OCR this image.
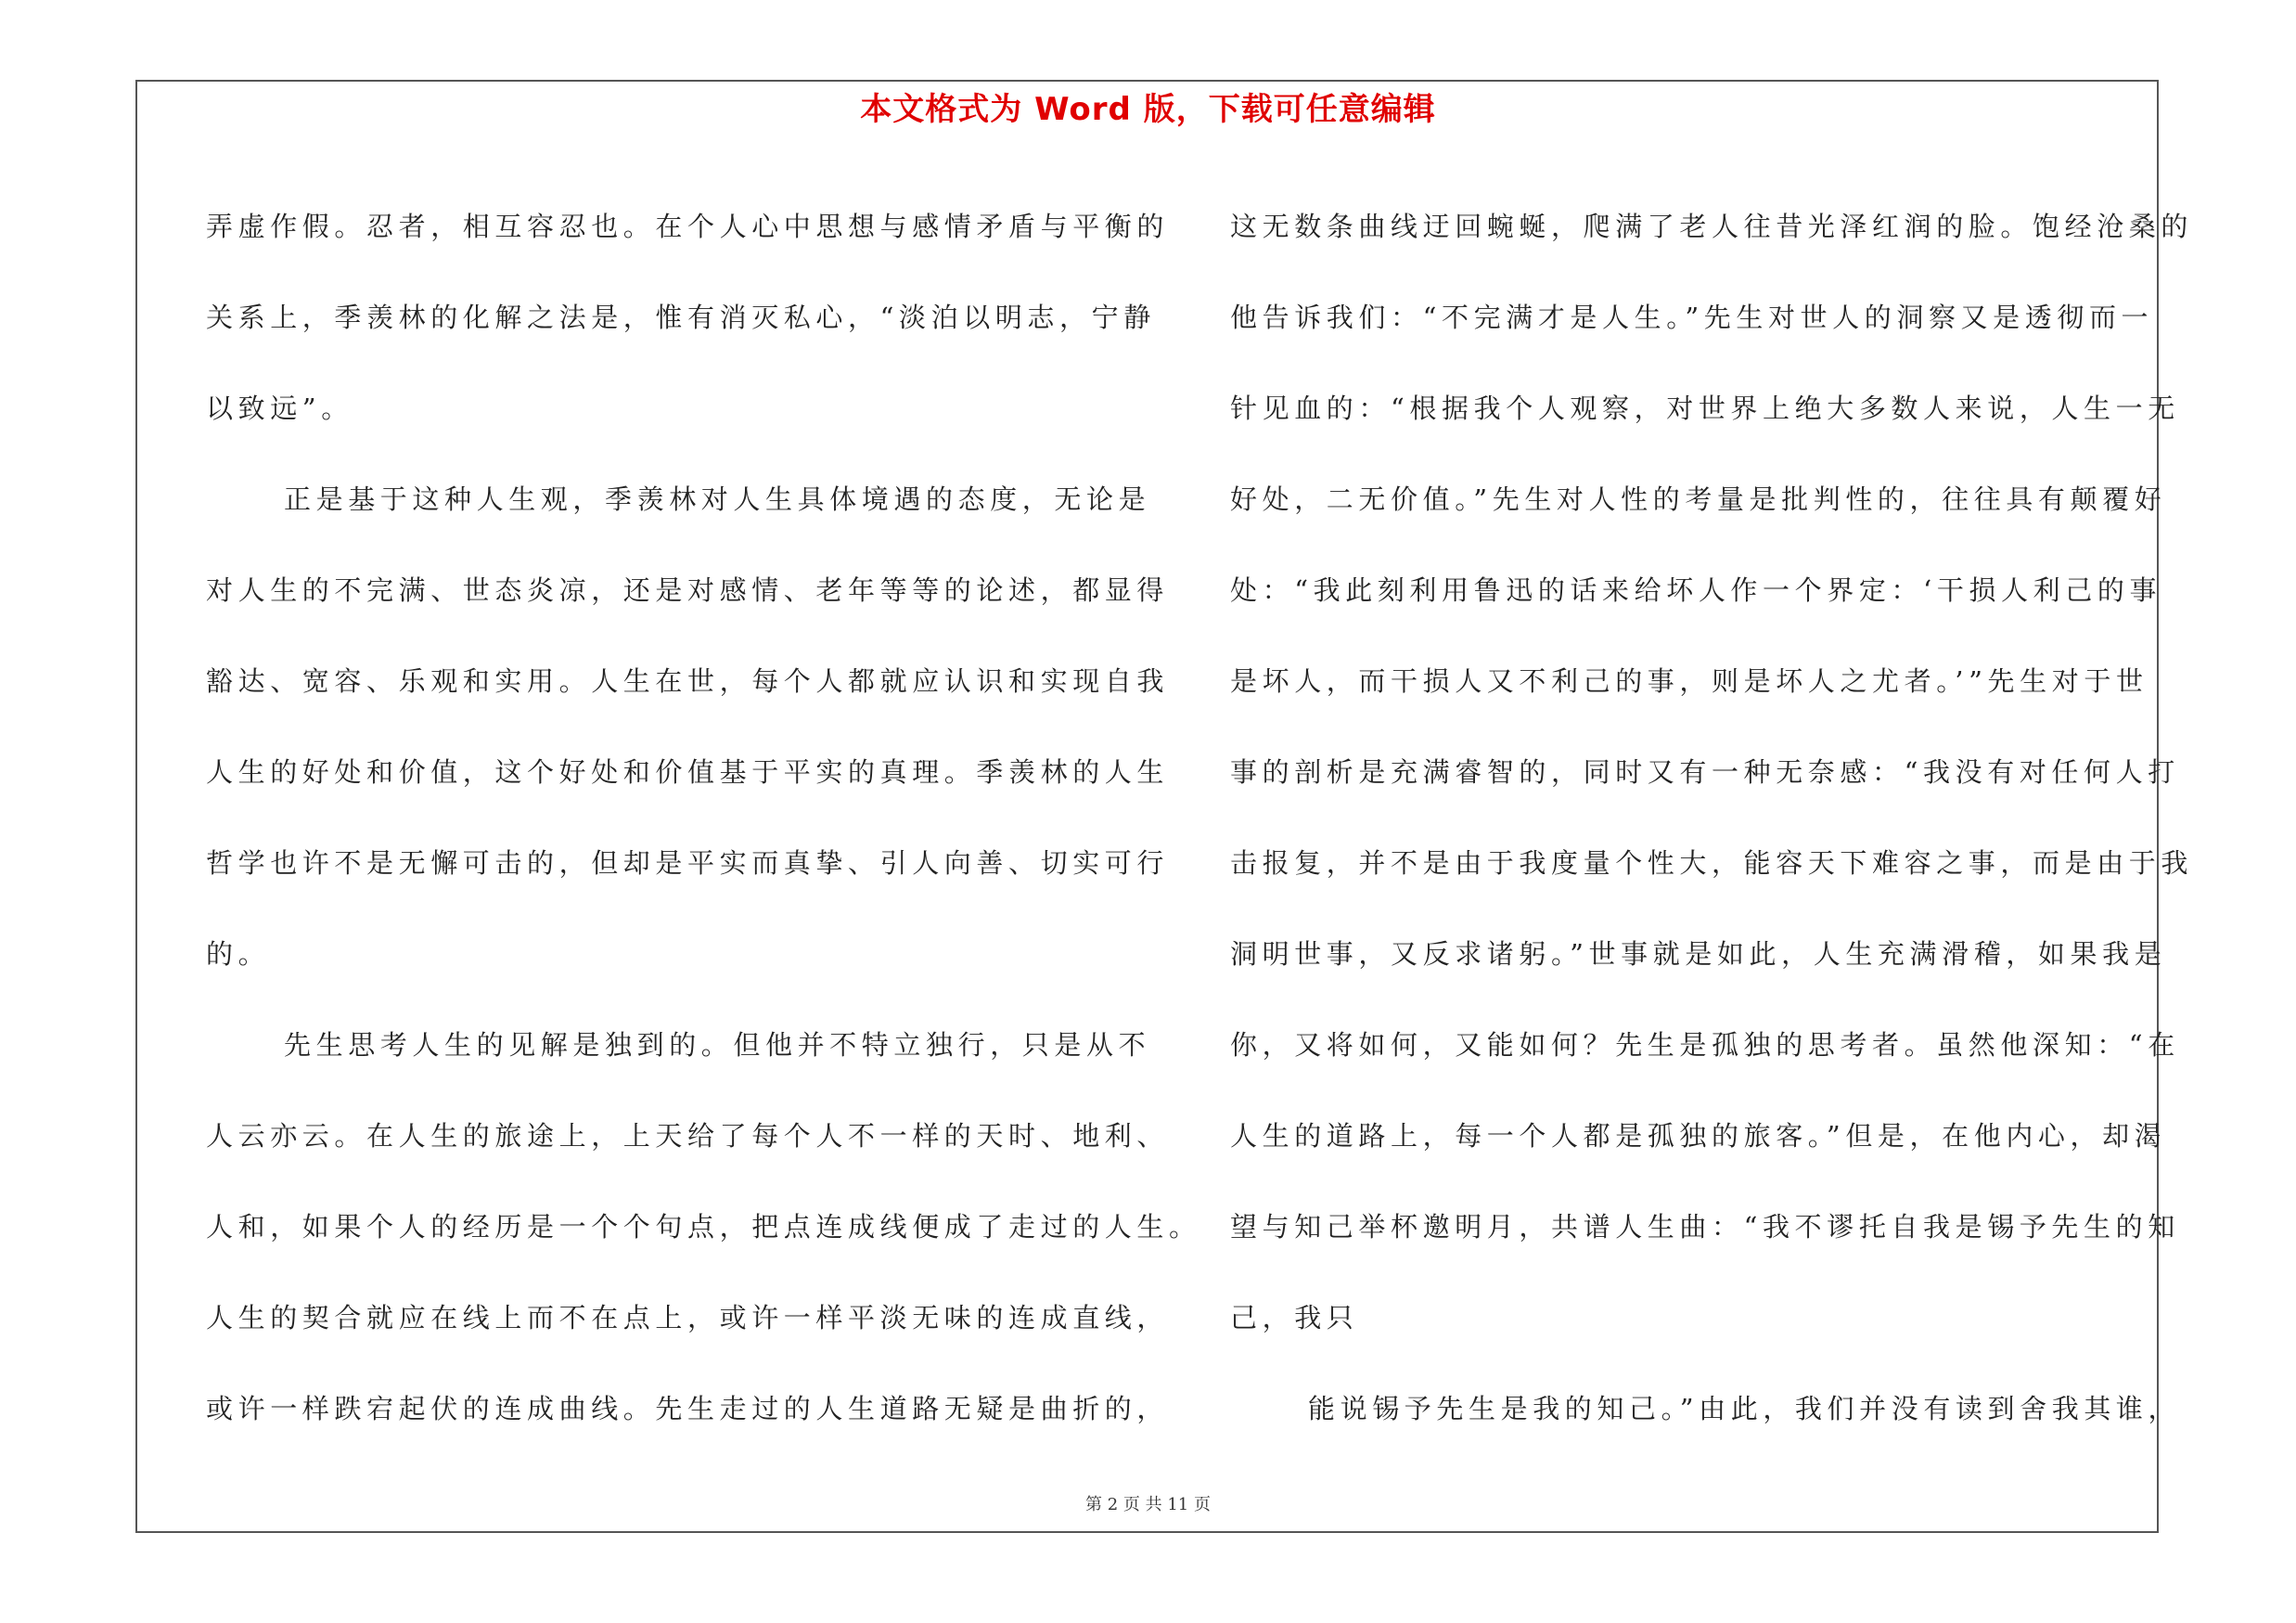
本文格式为 Word 版，下载可任意编辑
弄虚作假。忍者，相互容忍也。在个人心中思想与感情矛盾与平衡的
关系上，季羡林的化解之法是，惟有消灭私心，“淡泊以明志，宁静
以致远”。
正是基于这种人生观，季羡林对人生具体境遇的态度，无论是
对人生的不完满、世态炎凉，还是对感情、老年等等的论述，都显得
豁达、宽容、乐观和实用。人生在世，每个人都就应认识和实现自我
人生的好处和价值，这个好处和价值基于平实的真理。季羡林的人生
哲学也许不是无懈可击的，但却是平实而真挚、引人向善、切实可行
的。
先生思考人生的见解是独到的。但他并不特立独行，只是从不
人云亦云。在人生的旅途上，上天给了每个人不一样的天时、地利、
人和，如果个人的经历是一个个句点，把点连成线便成了走过的人生。
人生的契合就应在线上而不在点上，或许一样平淡无味的连成直线，
或许一样跌宕起伏的连成曲线。先生走过的人生道路无疑是曲折的，
这无数条曲线迂回蜿蜒，爬满了老人往昔光泽红润的脸。饱经沧桑的
他告诉我们：“不完满才是人生。”先生对世人的洞察又是透彻而一
针见血的：“根据我个人观察，对世界上绝大多数人来说，人生一无
好处，二无价值。”先生对人性的考量是批判性的，往往具有颠覆好
处：“我此刻利用鲁迅的话来给坏人作一个界定：‘干损人利己的事
是坏人，而干损人又不利己的事，则是坏人之尤者。’”先生对于世
事的剖析是充满睿智的，同时又有一种无奈感：“我没有对任何人打
击报复，并不是由于我度量个性大，能容天下难容之事，而是由于我
洞明世事，又反求诸躬。”世事就是如此，人生充满滑稽，如果我是
你，又将如何，又能如何？先生是孤独的思考者。虽然他深知：“在
人生的道路上，每一个人都是孤独的旅客。”但是，在他内心，却渴
望与知己举杯邀明月，共谱人生曲：“我不谬托自我是锡予先生的知
己，我只
能说锡予先生是我的知己。”由此，我们并没有读到舍我其谁，
第 2 页 共 11 页
